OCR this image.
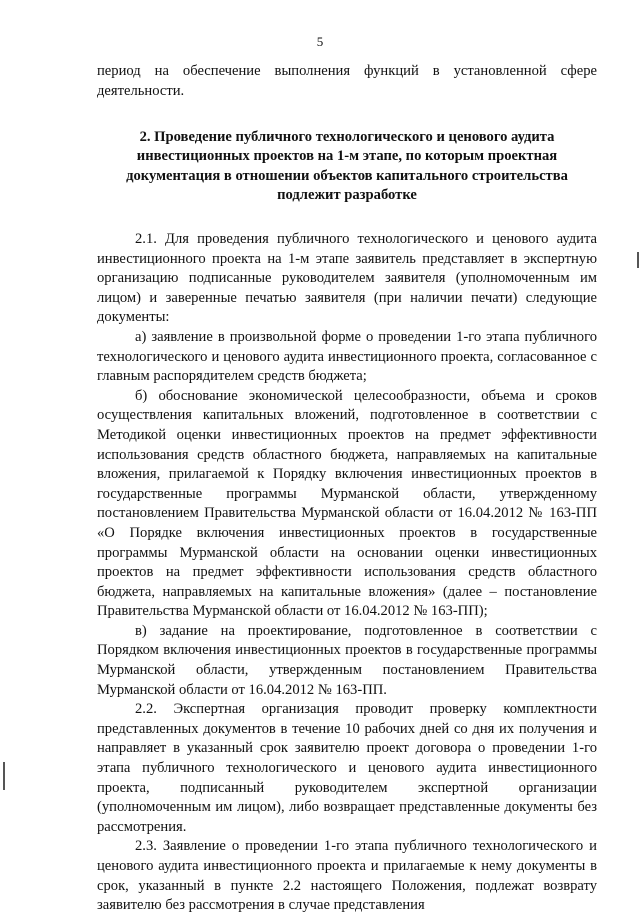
5

период на обеспечение выполнения функций в установленной сфере деятельности.

2. Проведение публичного технологического и ценового аудита инвестиционных проектов на 1-м этапе, по которым проектная документация в отношении объектов капитального строительства подлежит разработке

2.1. Для проведения публичного технологического и ценового аудита инвестиционного проекта на 1-м этапе заявитель представляет в экспертную организацию подписанные руководителем заявителя (уполномоченным им лицом) и заверенные печатью заявителя (при наличии печати) следующие документы:

а) заявление в произвольной форме о проведении 1-го этапа публичного технологического и ценового аудита инвестиционного проекта, согласованное с главным распорядителем средств бюджета;

б) обоснование экономической целесообразности, объема и сроков осуществления капитальных вложений, подготовленное в соответствии с Методикой оценки инвестиционных проектов на предмет эффективности использования средств областного бюджета, направляемых на капитальные вложения, прилагаемой к Порядку включения инвестиционных проектов в государственные программы Мурманской области, утвержденному постановлением Правительства Мурманской области от 16.04.2012 № 163-ПП «О Порядке включения инвестиционных проектов в государственные программы Мурманской области на основании оценки инвестиционных проектов на предмет эффективности использования средств областного бюджета, направляемых на капитальные вложения» (далее – постановление Правительства Мурманской области от 16.04.2012 № 163-ПП);

в) задание на проектирование, подготовленное в соответствии с Порядком включения инвестиционных проектов в государственные программы Мурманской области, утвержденным постановлением Правительства Мурманской области от 16.04.2012 № 163-ПП.

2.2. Экспертная организация проводит проверку комплектности представленных документов в течение 10 рабочих дней со дня их получения и направляет в указанный срок заявителю проект договора о проведении 1-го этапа публичного технологического и ценового аудита инвестиционного проекта, подписанный руководителем экспертной организации (уполномоченным им лицом), либо возвращает представленные документы без рассмотрения.

2.3. Заявление о проведении 1-го этапа публичного технологического и ценового аудита инвестиционного проекта и прилагаемые к нему документы в срок, указанный в пункте 2.2 настоящего Положения, подлежат возврату заявителю без рассмотрения в случае представления
